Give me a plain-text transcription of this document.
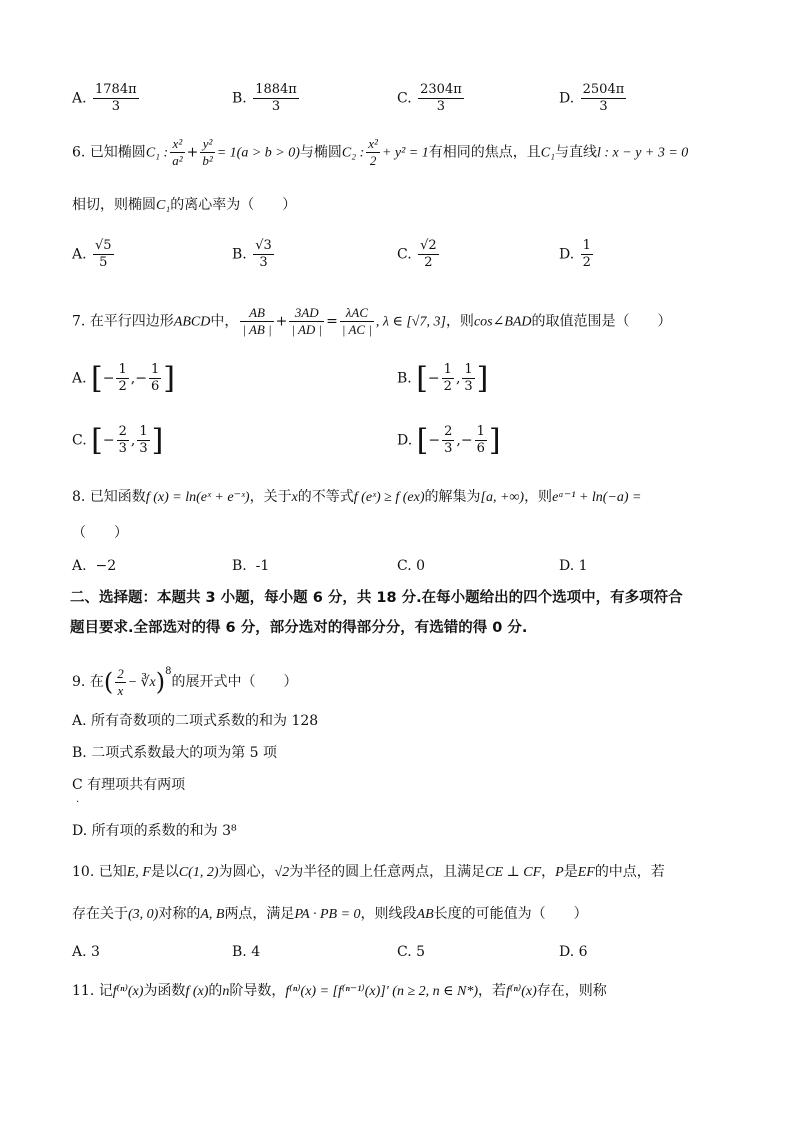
A. $\frac{1784\pi}{3}$	B. $\frac{1884\pi}{3}$	C. $\frac{2304\pi}{3}$	D. $\frac{2504\pi}{3}$
6. 已知椭圆C₁ : $\frac{\text{x²}}{\text{a²}} + \frac{\text{y²}}{\text{b²}} = 1(a > b > 0)$与椭圆C₂ : $\frac{\text{x²}}{2} + y^2 = 1$有相同的焦点，且C₁与直线l : x − y + 3 = 0
相切，则椭圆C₁的离心率为（　　）
A. $\frac{√5}{5}$	B. $\frac{√3}{3}$	C. $\frac{√2}{2}$	D. $\frac{1}{2}$
7. 在平行四边形ABCD中， $\frac{AB}{| AB |} + \frac{3AD}{| AD |} = \frac{\text{λAC}}{| AC |}$ , λ ∈ [√7, 3]，则cos∠BAD的取值范围是（　　）
A. [− $\frac{1}{2}$ ,− $\frac{1}{6}$ ]	B. [− $\frac{1}{2}$ , $\frac{1}{3}$ ]
C. [− $\frac{2}{3}$ , $\frac{1}{3}$ ]	D. [− $\frac{2}{3}$ ,− $\frac{1}{6}$ ]
8. 已知函数f (x) = ln(eˣ + e⁻ˣ)，关于x的不等式f (eˣ) ≥ f (ex)的解集为[a, +∞)，则eᵃ⁻¹ + ln(−a) =
（　　）
A. −2	B. -1	C. 0	D. 1
二、选择题：本题共 3 小题，每小题 6 分，共 18 分.在每小题给出的四个选项中，有多项符合
题目要求.全部选对的得 6 分，部分选对的得部分分，有选错的得 0 分.
9. 在( $\frac{2}{x}$ − ∛x)$^8$的展开式中（　　）
A. 所有奇数项的二项式系数的和为 128
B. 二项式系数最大的项为第 5 项
C 有理项共有两项
.
D. 所有项的系数的和为 3⁸
10. 已知E, F是以C(1, 2)为圆心，√2为半径的圆上任意两点，且满足CE ⊥ CF，P是EF的中点，若
存在关于(3, 0)对称的A, B两点，满足PA · PB = 0，则线段AB长度的可能值为（　　）
A. 3	B. 4	C. 5	D. 6
11. 记f⁽ⁿ⁾(x)为函数f (x)的n阶导数，f⁽ⁿ⁾(x) = [f⁽ⁿ⁻¹⁾(x)]′ (n ≥ 2, n ∈ N*)，若f⁽ⁿ⁾(x)存在，则称
